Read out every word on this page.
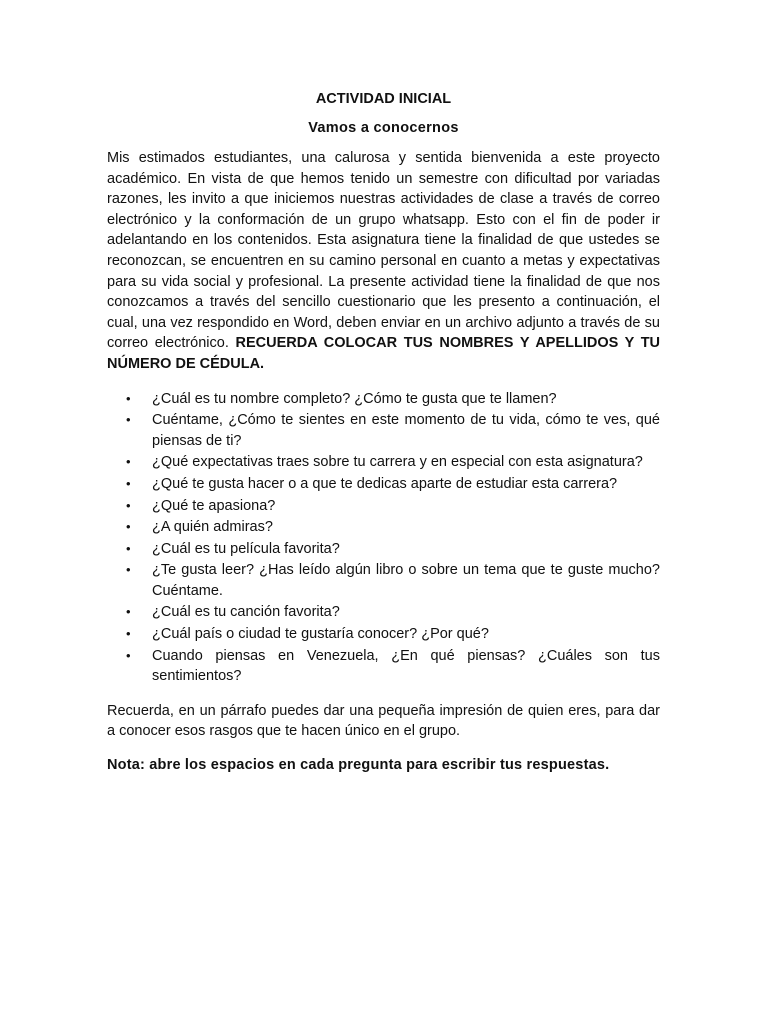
ACTIVIDAD INICIAL
Vamos a conocernos

Mis estimados estudiantes, una calurosa y sentida bienvenida a este proyecto académico. En vista de que hemos tenido un semestre con dificultad por variadas razones, les invito a que iniciemos nuestras actividades de clase a través de correo electrónico y la conformación de un grupo whatsapp. Esto con el fin de poder ir adelantando en los contenidos. Esta asignatura tiene la finalidad de que ustedes se reconozcan, se encuentren en su camino personal en cuanto a metas y expectativas para su vida social y profesional. La presente actividad tiene la finalidad de que nos conozcamos a través del sencillo cuestionario que les presento a continuación, el cual, una vez respondido en Word, deben enviar en un archivo adjunto a través de su correo electrónico. RECUERDA COLOCAR TUS NOMBRES Y APELLIDOS Y TU NÚMERO DE CÉDULA.

• ¿Cuál es tu nombre completo? ¿Cómo te gusta que te llamen?
• Cuéntame, ¿Cómo te sientes en este momento de tu vida, cómo te ves, qué piensas de ti?
• ¿Qué expectativas traes sobre tu carrera y en especial con esta asignatura?
• ¿Qué te gusta hacer o a que te dedicas aparte de estudiar esta carrera?
• ¿Qué te apasiona?
• ¿A quién admiras?
• ¿Cuál es tu película favorita?
• ¿Te gusta leer? ¿Has leído algún libro o sobre un tema que te guste mucho? Cuéntame.
• ¿Cuál es tu canción favorita?
• ¿Cuál país o ciudad te gustaría conocer? ¿Por qué?
• Cuando piensas en Venezuela, ¿En qué piensas? ¿Cuáles son tus sentimientos?

Recuerda, en un párrafo puedes dar una pequeña impresión de quien eres, para dar a conocer esos rasgos que te hacen único en el grupo.

Nota: abre los espacios en cada pregunta para escribir tus respuestas.
